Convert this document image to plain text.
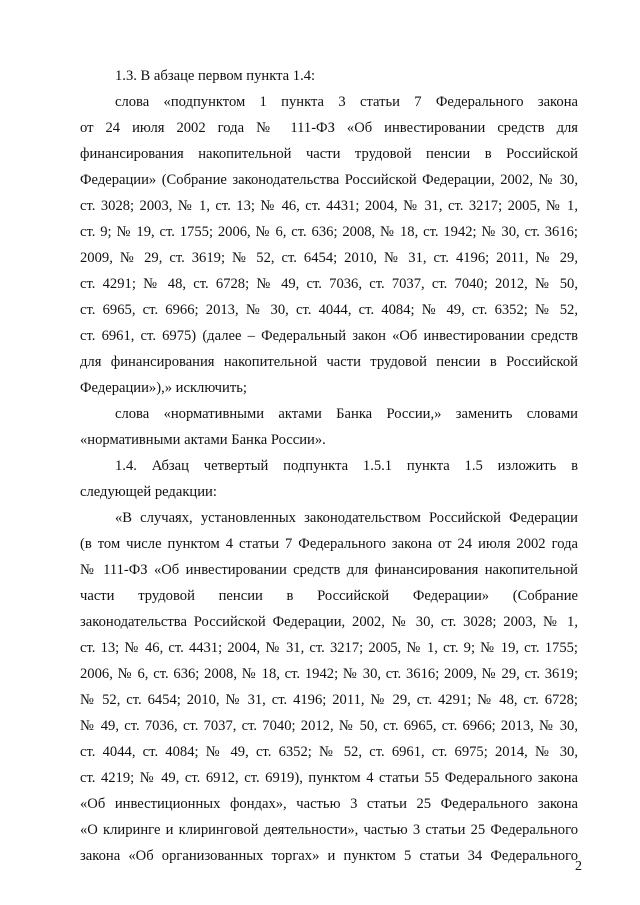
1.3. В абзаце первом пункта 1.4:
слова «подпунктом 1 пункта 3 статьи 7 Федерального закона
от 24 июля 2002 года № 111-ФЗ «Об инвестировании средств для
финансирования накопительной части трудовой пенсии в Российской
Федерации» (Собрание законодательства Российской Федерации, 2002, № 30,
ст. 3028; 2003, № 1, ст. 13; № 46, ст. 4431; 2004, № 31, ст. 3217; 2005, № 1,
ст. 9; № 19, ст. 1755; 2006, № 6, ст. 636; 2008, № 18, ст. 1942; № 30, ст. 3616;
2009, № 29, ст. 3619; № 52, ст. 6454; 2010, № 31, ст. 4196; 2011, № 29,
ст. 4291; № 48, ст. 6728; № 49, ст. 7036, ст. 7037, ст. 7040; 2012, № 50,
ст. 6965, ст. 6966; 2013, № 30, ст. 4044, ст. 4084; № 49, ст. 6352; № 52,
ст. 6961, ст. 6975) (далее – Федеральный закон «Об инвестировании средств
для финансирования накопительной части трудовой пенсии в Российской
Федерации»),» исключить;
слова «нормативными актами Банка России,» заменить словами
«нормативными актами Банка России».
1.4. Абзац четвертый подпункта 1.5.1 пункта 1.5 изложить в
следующей редакции:
«В случаях, установленных законодательством Российской Федерации
(в том числе пунктом 4 статьи 7 Федерального закона от 24 июля 2002 года
№ 111-ФЗ «Об инвестировании средств для финансирования накопительной
части трудовой пенсии в Российской Федерации» (Собрание
законодательства Российской Федерации, 2002, № 30, ст. 3028; 2003, № 1,
ст. 13; № 46, ст. 4431; 2004, № 31, ст. 3217; 2005, № 1, ст. 9; № 19, ст. 1755;
2006, № 6, ст. 636; 2008, № 18, ст. 1942; № 30, ст. 3616; 2009, № 29, ст. 3619;
№ 52, ст. 6454; 2010, № 31, ст. 4196; 2011, № 29, ст. 4291; № 48, ст. 6728;
№ 49, ст. 7036, ст. 7037, ст. 7040; 2012, № 50, ст. 6965, ст. 6966; 2013, № 30,
ст. 4044, ст. 4084; № 49, ст. 6352; № 52, ст. 6961, ст. 6975; 2014, № 30,
ст. 4219; № 49, ст. 6912, ст. 6919), пунктом 4 статьи 55 Федерального закона
«Об инвестиционных фондах», частью 3 статьи 25 Федерального закона
«О клиринге и клиринговой деятельности», частью 3 статьи 25 Федерального
закона «Об организованных торгах» и пунктом 5 статьи 34 Федерального
2
